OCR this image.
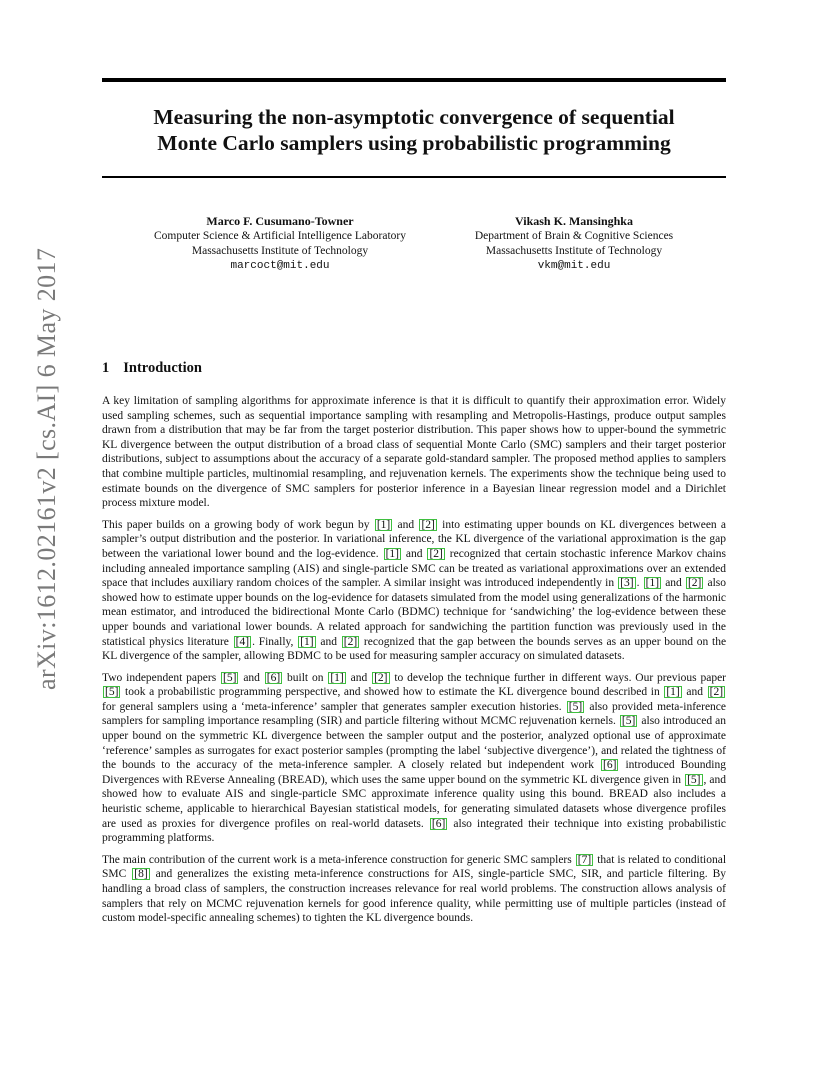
Measuring the non-asymptotic convergence of sequential
Monte Carlo samplers using probabilistic programming
Marco F. Cusumano-Towner
Computer Science & Artificial Intelligence Laboratory
Massachusetts Institute of Technology
marcoct@mit.edu
Vikash K. Mansinghka
Department of Brain & Cognitive Sciences
Massachusetts Institute of Technology
vkm@mit.edu
arXiv:1612.02161v2 [cs.AI] 6 May 2017	1 Introduction

A key limitation of sampling algorithms for approximate inference is that it is difficult to quantify their approximation error. Widely used sampling schemes, such as sequential importance sampling with resampling and Metropolis-Hastings, produce output samples drawn from a distribution that may be far from the target posterior distribution. This paper shows how to upper-bound the symmetric KL divergence between the output distribution of a broad class of sequential Monte Carlo (SMC) samplers and their target posterior distributions, subject to assumptions about the accuracy of a separate gold-standard sampler. The proposed method applies to samplers that combine multiple particles, multinomial resampling, and rejuvenation kernels. The experiments show the technique being used to estimate bounds on the divergence of SMC samplers for posterior inference in a Bayesian linear regression model and a Dirichlet process mixture model.

This paper builds on a growing body of work begun by [1] and [2] into estimating upper bounds on KL divergences between a sampler’s output distribution and the posterior. In variational inference, the KL divergence of the variational approximation is the gap between the variational lower bound and the log-evidence. [1] and [2] recognized that certain stochastic inference Markov chains including annealed importance sampling (AIS) and single-particle SMC can be treated as variational approximations over an extended space that includes auxiliary random choices of the sampler. A similar insight was introduced independently in [3] . [1] and [2] also showed how to estimate upper bounds on the log-evidence for datasets simulated from the model using generalizations of the harmonic mean estimator, and introduced the bidirectional Monte Carlo (BDMC) technique for ‘sandwiching’ the log-evidence between these upper bounds and variational lower bounds. A related approach for sandwiching the partition function was previously used in the statistical physics literature [4] . Finally, [1] and [2] recognized that the gap between the bounds serves as an upper bound on the KL divergence of the sampler, allowing BDMC to be used for measuring sampler accuracy on simulated datasets.

Two independent papers [5] and [6] built on [1] and [2] to develop the technique further in different ways. Our previous paper [5] took a probabilistic programming perspective, and showed how to estimate the KL divergence bound described in [1] and [2] for general samplers using a ‘meta-inference’ sampler that generates sampler execution histories. [5] also provided meta-inference samplers for sampling importance resampling (SIR) and particle filtering without MCMC rejuvenation kernels. [5] also introduced an upper bound on the symmetric KL divergence between the sampler output and the posterior, analyzed optional use of approximate ‘reference’ samples as surrogates for exact posterior samples (prompting the label ‘subjective divergence’), and related the tightness of the bounds to the accuracy of the meta-inference sampler. A closely related but independent work [6] introduced Bounding Divergences with REverse Annealing (BREAD), which uses the same upper bound on the symmetric KL divergence given in [5] , and showed how to evaluate AIS and single-particle SMC approximate inference quality using this bound. BREAD also includes a heuristic scheme, applicable to hierarchical Bayesian statistical models, for generating simulated datasets whose divergence profiles are used as proxies for divergence profiles on real-world datasets. [6] also integrated their technique into existing probabilistic programming platforms.

The main contribution of the current work is a meta-inference construction for generic SMC samplers [7] that is related to conditional SMC [8] and generalizes the existing meta-inference constructions for AIS, single-particle SMC, SIR, and particle filtering. By handling a broad class of samplers, the construction increases relevance for real world problems. The construction allows analysis of samplers that rely on MCMC rejuvenation kernels for good inference quality, while permitting use of multiple particles (instead of custom model-specific annealing schemes) to tighten the KL divergence bounds.
